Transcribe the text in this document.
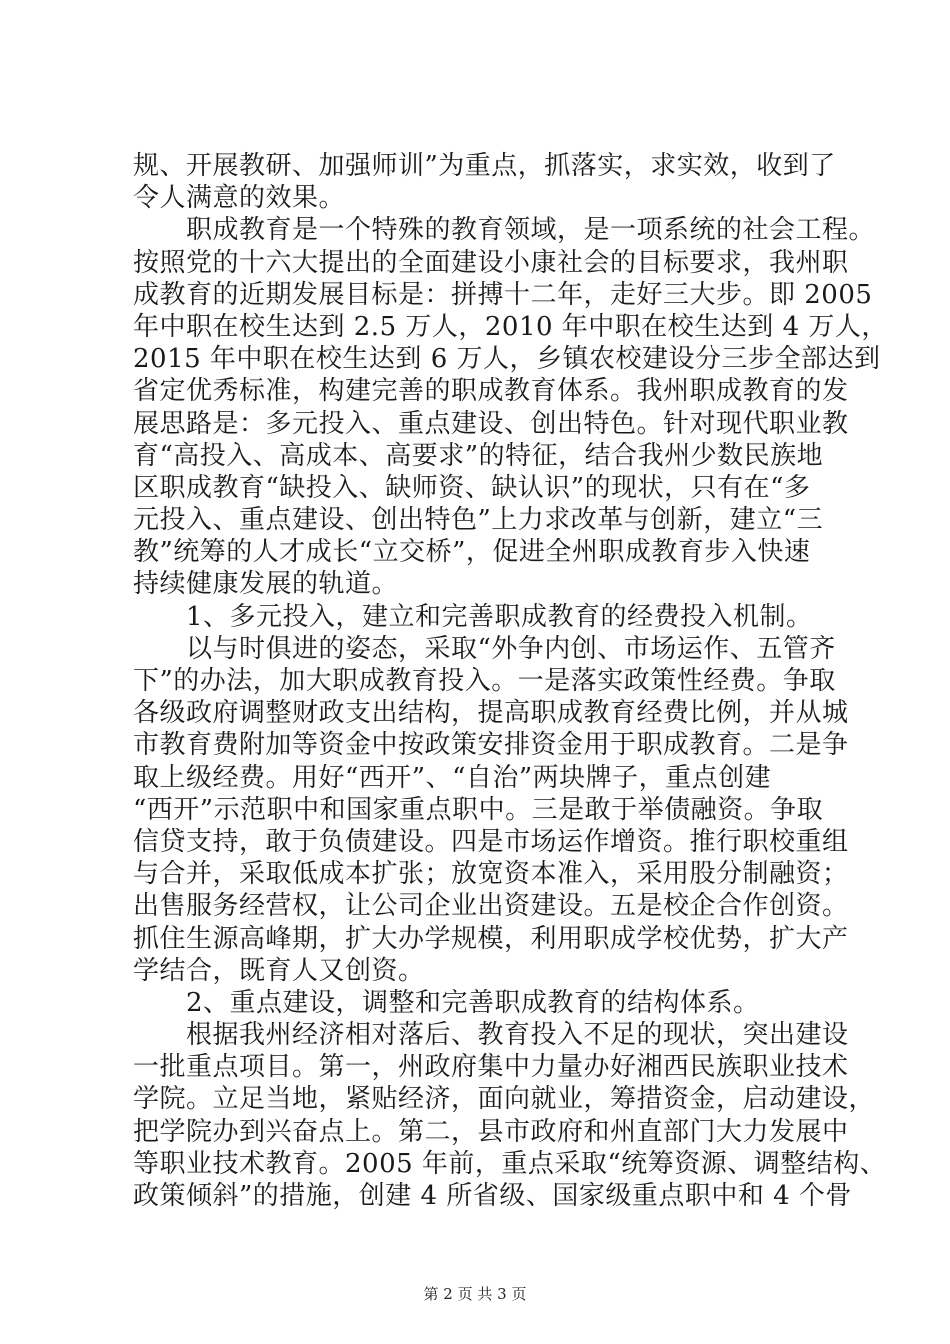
规、开展教研、加强师训”为重点，抓落实，求实效，收到了
令人满意的效果。
　　职成教育是一个特殊的教育领域，是一项系统的社会工程。
按照党的十六大提出的全面建设小康社会的目标要求，我州职
成教育的近期发展目标是：拼搏十二年，走好三大步。即 2005
年中职在校生达到 2.5 万人，2010 年中职在校生达到 4 万人，
2015 年中职在校生达到 6 万人，乡镇农校建设分三步全部达到
省定优秀标准，构建完善的职成教育体系。我州职成教育的发
展思路是：多元投入、重点建设、创出特色。针对现代职业教
育“高投入、高成本、高要求”的特征，结合我州少数民族地
区职成教育“缺投入、缺师资、缺认识”的现状，只有在“多
元投入、重点建设、创出特色”上力求改革与创新，建立“三
教”统筹的人才成长“立交桥”，促进全州职成教育步入快速
持续健康发展的轨道。
　　1、多元投入，建立和完善职成教育的经费投入机制。
　　以与时俱进的姿态，采取“外争内创、市场运作、五管齐
下”的办法，加大职成教育投入。一是落实政策性经费。争取
各级政府调整财政支出结构，提高职成教育经费比例，并从城
市教育费附加等资金中按政策安排资金用于职成教育。二是争
取上级经费。用好“西开”、“自治”两块牌子，重点创建
“西开”示范职中和国家重点职中。三是敢于举债融资。争取
信贷支持，敢于负债建设。四是市场运作增资。推行职校重组
与合并，采取低成本扩张；放宽资本准入，采用股分制融资；
出售服务经营权，让公司企业出资建设。五是校企合作创资。
抓住生源高峰期，扩大办学规模，利用职成学校优势，扩大产
学结合，既育人又创资。
　　2、重点建设，调整和完善职成教育的结构体系。
　　根据我州经济相对落后、教育投入不足的现状，突出建设
一批重点项目。第一，州政府集中力量办好湘西民族职业技术
学院。立足当地，紧贴经济，面向就业，筹措资金，启动建设，
把学院办到兴奋点上。第二，县市政府和州直部门大力发展中
等职业技术教育。2005 年前，重点采取“统筹资源、调整结构、
政策倾斜”的措施，创建 4 所省级、国家级重点职中和 4 个骨
第 2 页 共 3 页
